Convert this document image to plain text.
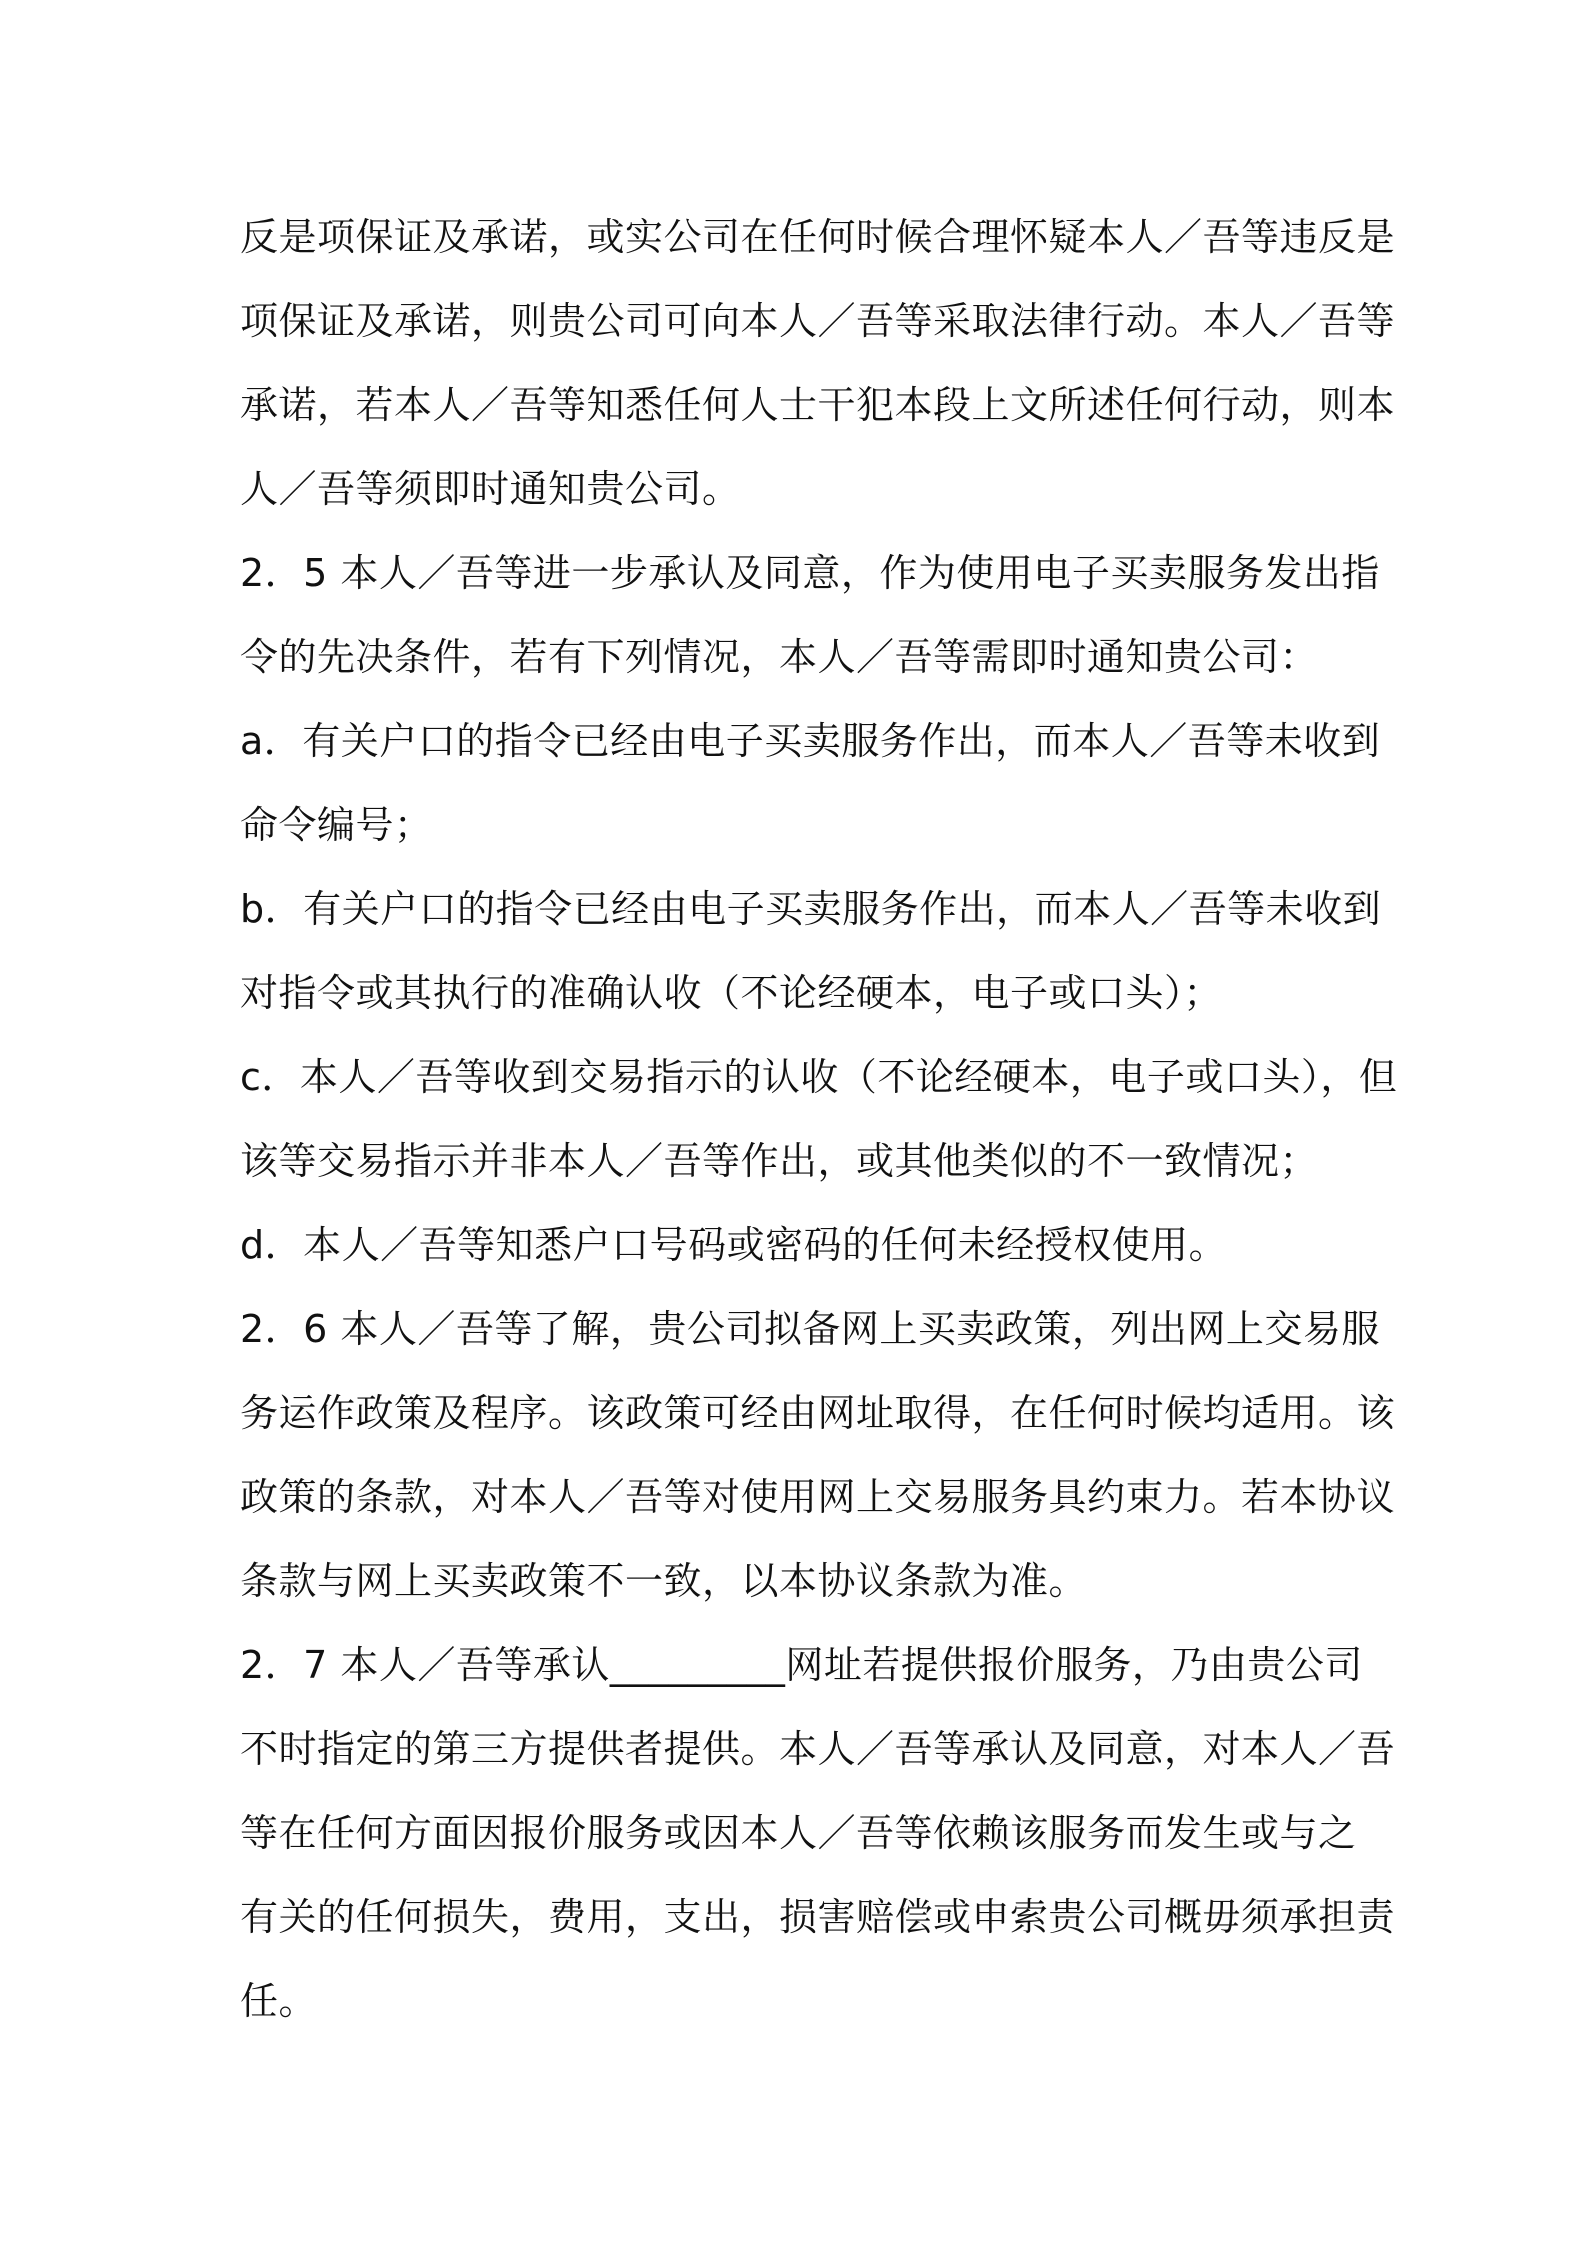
反是项保证及承诺，或实公司在任何时候合理怀疑本人／吾等违反是
项保证及承诺，则贵公司可向本人／吾等采取法律行动。本人／吾等
承诺，若本人／吾等知悉任何人士干犯本段上文所述任何行动，则本
人／吾等须即时通知贵公司。
2．5 本人／吾等进一步承认及同意，作为使用电子买卖服务发出指
令的先决条件，若有下列情况，本人／吾等需即时通知贵公司：
a．有关户口的指令已经由电子买卖服务作出，而本人／吾等未收到
命令编号；
b．有关户口的指令已经由电子买卖服务作出，而本人／吾等未收到
对指令或其执行的准确认收（不论经硬本，电子或口头）；
c．本人／吾等收到交易指示的认收（不论经硬本，电子或口头），但
该等交易指示并非本人／吾等作出，或其他类似的不一致情况；
d．本人／吾等知悉户口号码或密码的任何未经授权使用。
2．6 本人／吾等了解，贵公司拟备网上买卖政策，列出网上交易服
务运作政策及程序。该政策可经由网址取得，在任何时候均适用。该
政策的条款，对本人／吾等对使用网上交易服务具约束力。若本协议
条款与网上买卖政策不一致，以本协议条款为准。
2．7 本人／吾等承认_________网址若提供报价服务，乃由贵公司
不时指定的第三方提供者提供。本人／吾等承认及同意，对本人／吾
等在任何方面因报价服务或因本人／吾等依赖该服务而发生或与之
有关的任何损失，费用，支出，损害赔偿或申索贵公司概毋须承担责
任。
